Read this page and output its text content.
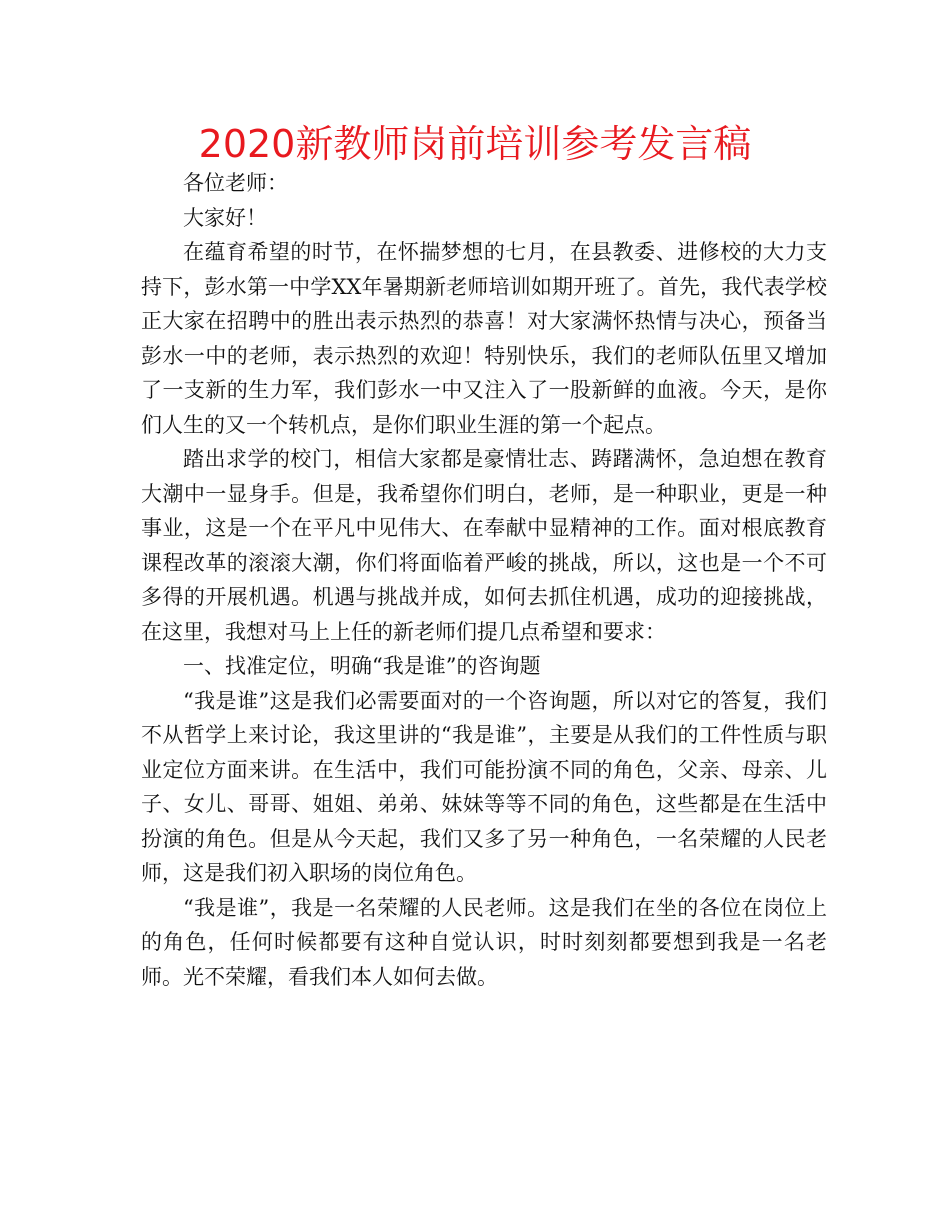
2020新教师岗前培训参考发言稿

各位老师：

大家好！

在蕴育希望的时节，在怀揣梦想的七月，在县教委、进修校的大力支持下，彭水第一中学XX年暑期新老师培训如期开班了。首先，我代表学校正大家在招聘中的胜出表示热烈的恭喜！对大家满怀热情与决心，预备当彭水一中的老师，表示热烈的欢迎！特别快乐，我们的老师队伍里又增加了一支新的生力军，我们彭水一中又注入了一股新鲜的血液。今天，是你们人生的又一个转机点，是你们职业生涯的第一个起点。

踏出求学的校门，相信大家都是豪情壮志、踌躇满怀，急迫想在教育大潮中一显身手。但是，我希望你们明白，老师，是一种职业，更是一种事业，这是一个在平凡中见伟大、在奉献中显精神的工作。面对根底教育课程改革的滚滚大潮，你们将面临着严峻的挑战，所以，这也是一个不可多得的开展机遇。机遇与挑战并成，如何去抓住机遇，成功的迎接挑战，在这里，我想对马上上任的新老师们提几点希望和要求：

一、找准定位，明确“我是谁”的咨询题

“我是谁”这是我们必需要面对的一个咨询题，所以对它的答复，我们不从哲学上来讨论，我这里讲的“我是谁”，主要是从我们的工件性质与职业定位方面来讲。在生活中，我们可能扮演不同的角色，父亲、母亲、儿子、女儿、哥哥、姐姐、弟弟、妹妹等等不同的角色，这些都是在生活中扮演的角色。但是从今天起，我们又多了另一种角色，一名荣耀的人民老师，这是我们初入职场的岗位角色。

“我是谁”，我是一名荣耀的人民老师。这是我们在坐的各位在岗位上的角色，任何时候都要有这种自觉认识，时时刻刻都要想到我是一名老师。光不荣耀，看我们本人如何去做。
